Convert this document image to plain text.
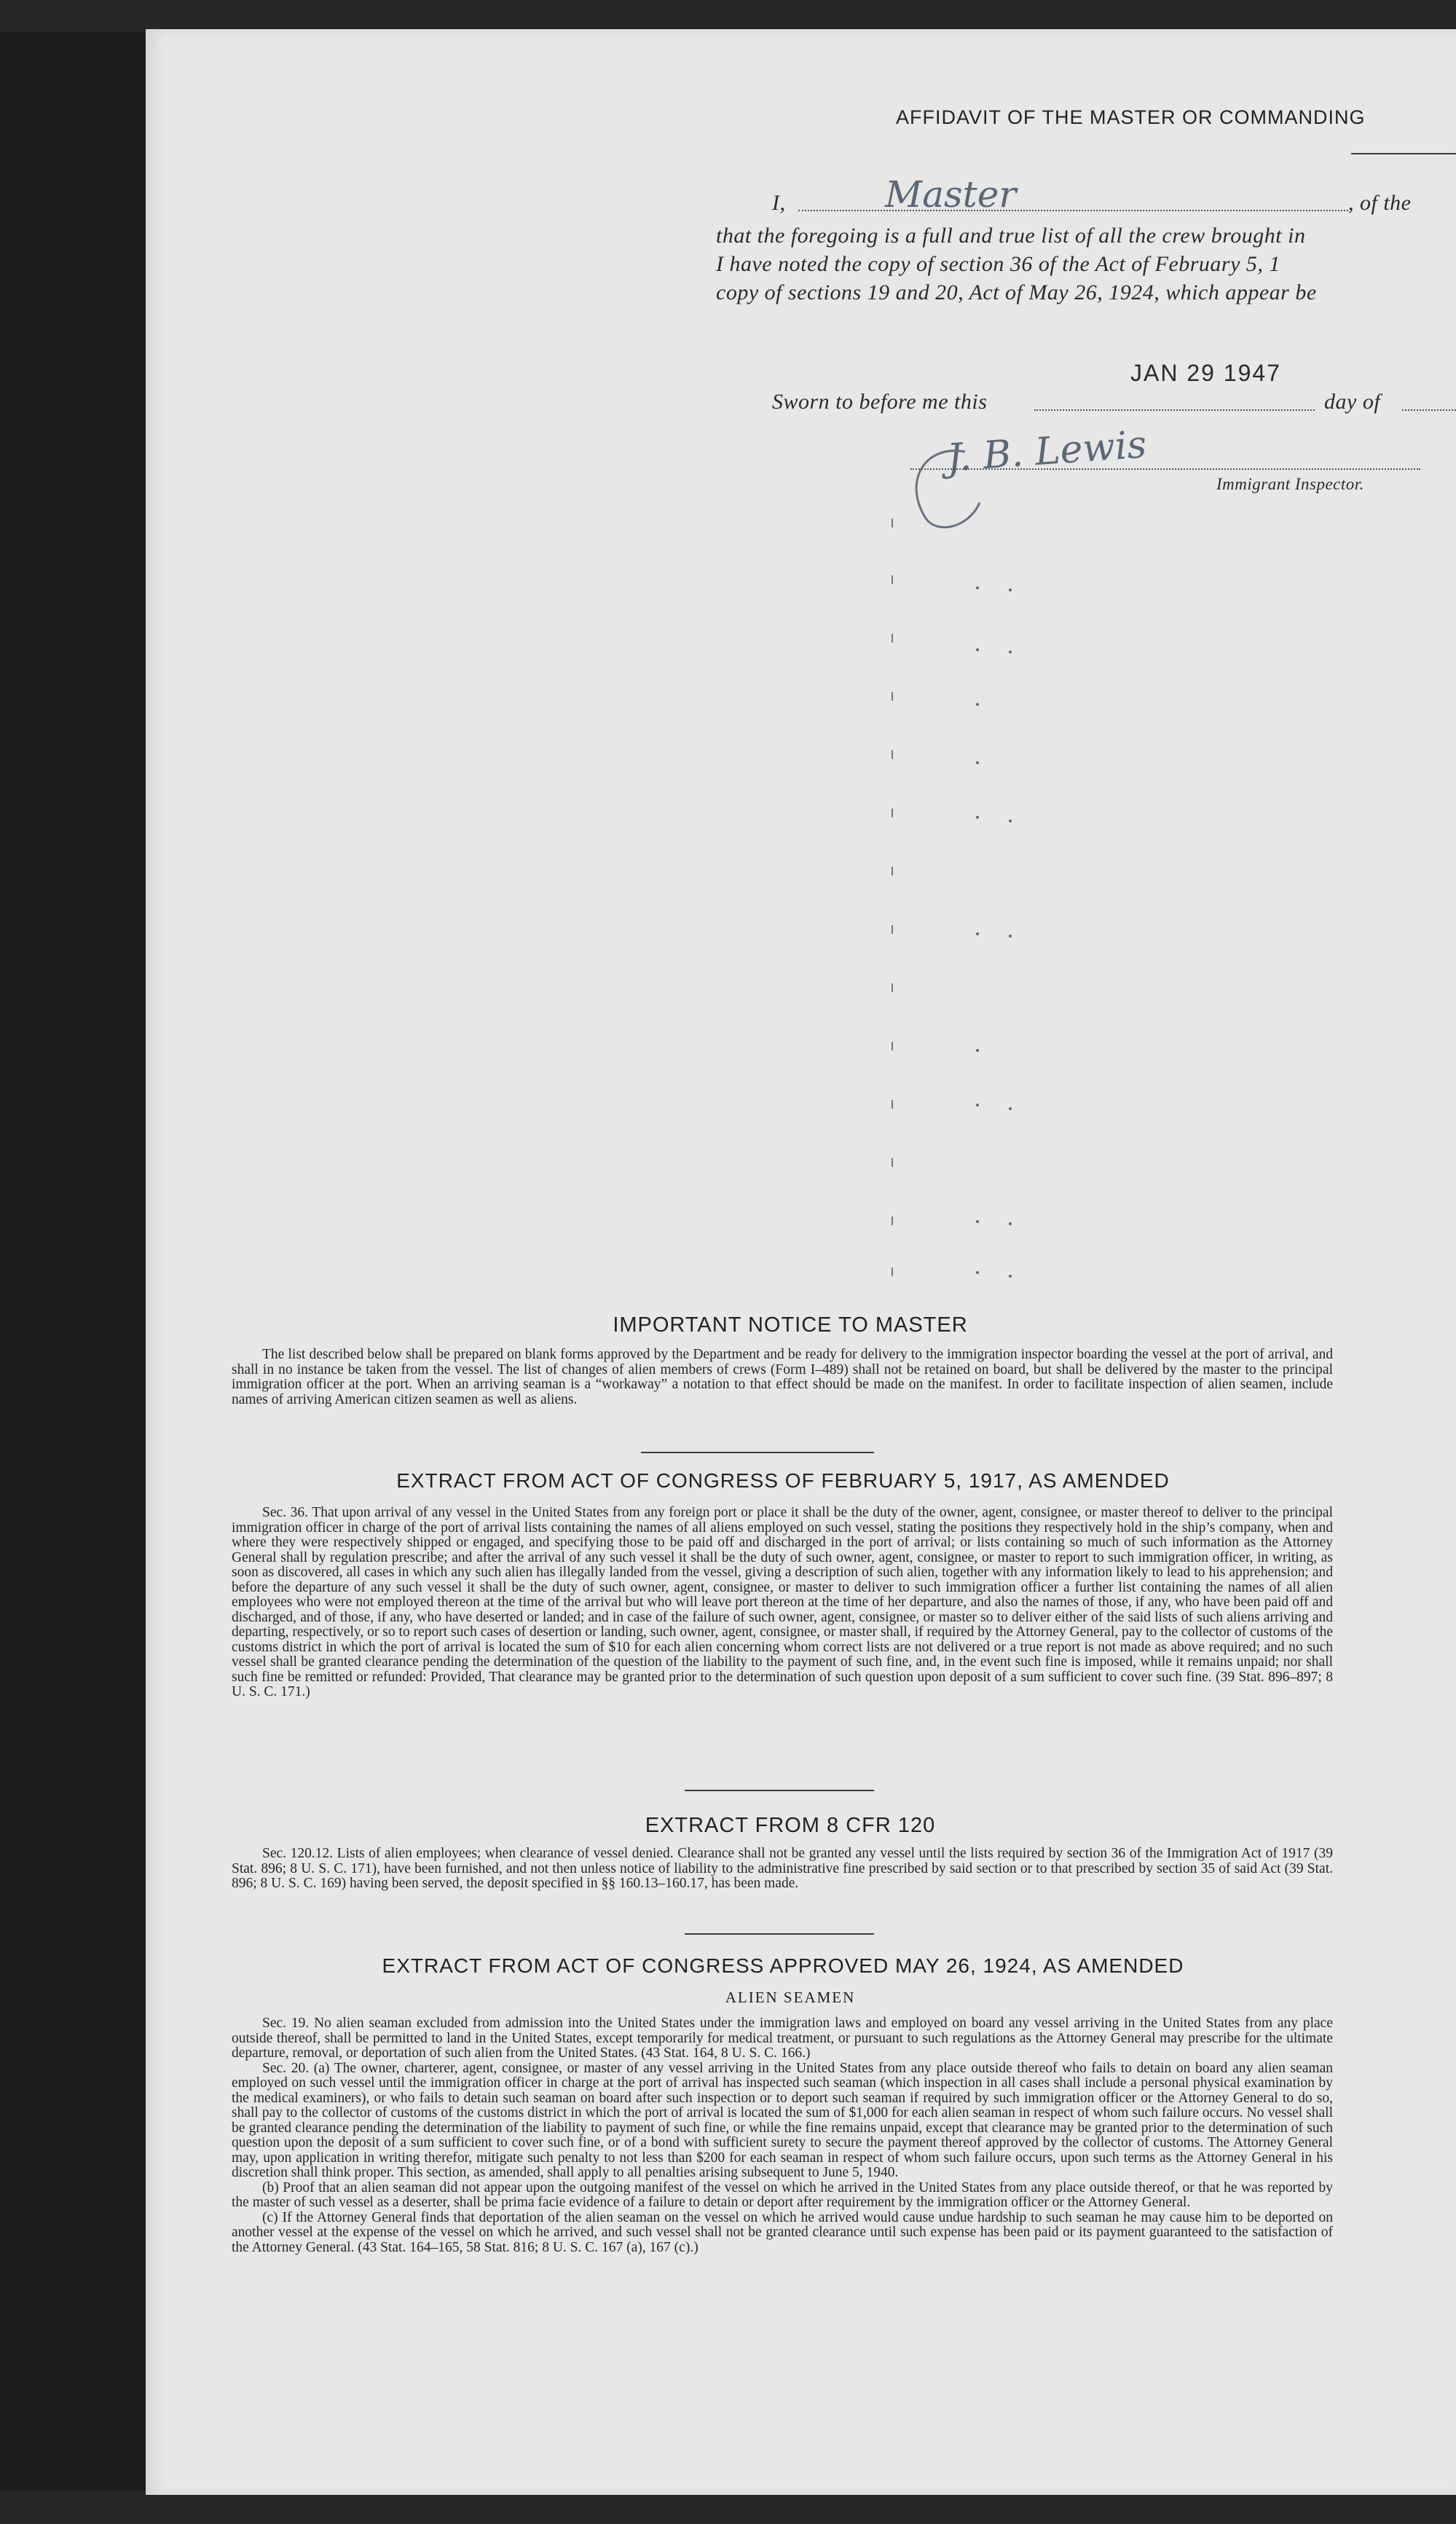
AFFIDAVIT OF THE MASTER OR COMMANDING
I,	Master	, of the
that the foregoing is a full and true list of all the crew brought in
I have noted the copy of section 36 of the Act of February 5, 1
copy of sections 19 and 20, Act of May 26, 1924, which appear be
JAN 29 1947
Sworn to before me this	day of
J. B. Lewis
Immigrant Inspector.
IMPORTANT NOTICE TO MASTER

The list described below shall be prepared on blank forms approved by the Department and be ready for delivery to the immigration inspector boarding the vessel at the port of arrival, and shall in no instance be taken from the vessel. The list of changes of alien members of crews (Form I–489) shall not be retained on board, but shall be delivered by the master to the principal immigration officer at the port. When an arriving seaman is a “workaway” a notation to that effect should be made on the manifest. In order to facilitate inspection of alien seamen, include names of arriving American citizen seamen as well as aliens.

EXTRACT FROM ACT OF CONGRESS OF FEBRUARY 5, 1917, AS AMENDED

Sec. 36. That upon arrival of any vessel in the United States from any foreign port or place it shall be the duty of the owner, agent, consignee, or master thereof to deliver to the principal immigration officer in charge of the port of arrival lists containing the names of all aliens employed on such vessel, stating the positions they respectively hold in the ship’s company, when and where they were respectively shipped or engaged, and specifying those to be paid off and discharged in the port of arrival; or lists containing so much of such information as the Attorney General shall by regulation prescribe; and after the arrival of any such vessel it shall be the duty of such owner, agent, consignee, or master to report to such immigration officer, in writing, as soon as discovered, all cases in which any such alien has illegally landed from the vessel, giving a description of such alien, together with any information likely to lead to his apprehension; and before the departure of any such vessel it shall be the duty of such owner, agent, consignee, or master to deliver to such immigration officer a further list containing the names of all alien employees who were not employed thereon at the time of the arrival but who will leave port thereon at the time of her departure, and also the names of those, if any, who have been paid off and discharged, and of those, if any, who have deserted or landed; and in case of the failure of such owner, agent, consignee, or master so to deliver either of the said lists of such aliens arriving and departing, respectively, or so to report such cases of desertion or landing, such owner, agent, consignee, or master shall, if required by the Attorney General, pay to the collector of customs of the customs district in which the port of arrival is located the sum of $10 for each alien concerning whom correct lists are not delivered or a true report is not made as above required; and no such vessel shall be granted clearance pending the determination of the question of the liability to the payment of such fine, and, in the event such fine is imposed, while it remains unpaid; nor shall such fine be remitted or refunded: Provided, That clearance may be granted prior to the determination of such question upon deposit of a sum sufficient to cover such fine. (39 Stat. 896–897; 8 U. S. C. 171.)

EXTRACT FROM 8 CFR 120

Sec. 120.12. Lists of alien employees; when clearance of vessel denied. Clearance shall not be granted any vessel until the lists required by section 36 of the Immigration Act of 1917 (39 Stat. 896; 8 U. S. C. 171), have been furnished, and not then unless notice of liability to the administrative fine prescribed by said section or to that prescribed by section 35 of said Act (39 Stat. 896; 8 U. S. C. 169) having been served, the deposit specified in §§ 160.13–160.17, has been made.

EXTRACT FROM ACT OF CONGRESS APPROVED MAY 26, 1924, AS AMENDED
ALIEN SEAMEN

Sec. 19. No alien seaman excluded from admission into the United States under the immigration laws and employed on board any vessel arriving in the United States from any place outside thereof, shall be permitted to land in the United States, except temporarily for medical treatment, or pursuant to such regulations as the Attorney General may prescribe for the ultimate departure, removal, or deportation of such alien from the United States. (43 Stat. 164, 8 U. S. C. 166.)

Sec. 20. (a) The owner, charterer, agent, consignee, or master of any vessel arriving in the United States from any place outside thereof who fails to detain on board any alien seaman employed on such vessel until the immigration officer in charge at the port of arrival has inspected such seaman (which inspection in all cases shall include a personal physical examination by the medical examiners), or who fails to detain such seaman on board after such inspection or to deport such seaman if required by such immigration officer or the Attorney General to do so, shall pay to the collector of customs of the customs district in which the port of arrival is located the sum of $1,000 for each alien seaman in respect of whom such failure occurs. No vessel shall be granted clearance pending the determination of the liability to payment of such fine, or while the fine remains unpaid, except that clearance may be granted prior to the determination of such question upon the deposit of a sum sufficient to cover such fine, or of a bond with sufficient surety to secure the payment thereof approved by the collector of customs. The Attorney General may, upon application in writing therefor, mitigate such penalty to not less than $200 for each seaman in respect of whom such failure occurs, upon such terms as the Attorney General in his discretion shall think proper. This section, as amended, shall apply to all penalties arising subsequent to June 5, 1940.

(b) Proof that an alien seaman did not appear upon the outgoing manifest of the vessel on which he arrived in the United States from any place outside thereof, or that he was reported by the master of such vessel as a deserter, shall be prima facie evidence of a failure to detain or deport after requirement by the immigration officer or the Attorney General.

(c) If the Attorney General finds that deportation of the alien seaman on the vessel on which he arrived would cause undue hardship to such seaman he may cause him to be deported on another vessel at the expense of the vessel on which he arrived, and such vessel shall not be granted clearance until such expense has been paid or its payment guaranteed to the satisfaction of the Attorney General. (43 Stat. 164–165, 58 Stat. 816; 8 U. S. C. 167 (a), 167 (c).)
